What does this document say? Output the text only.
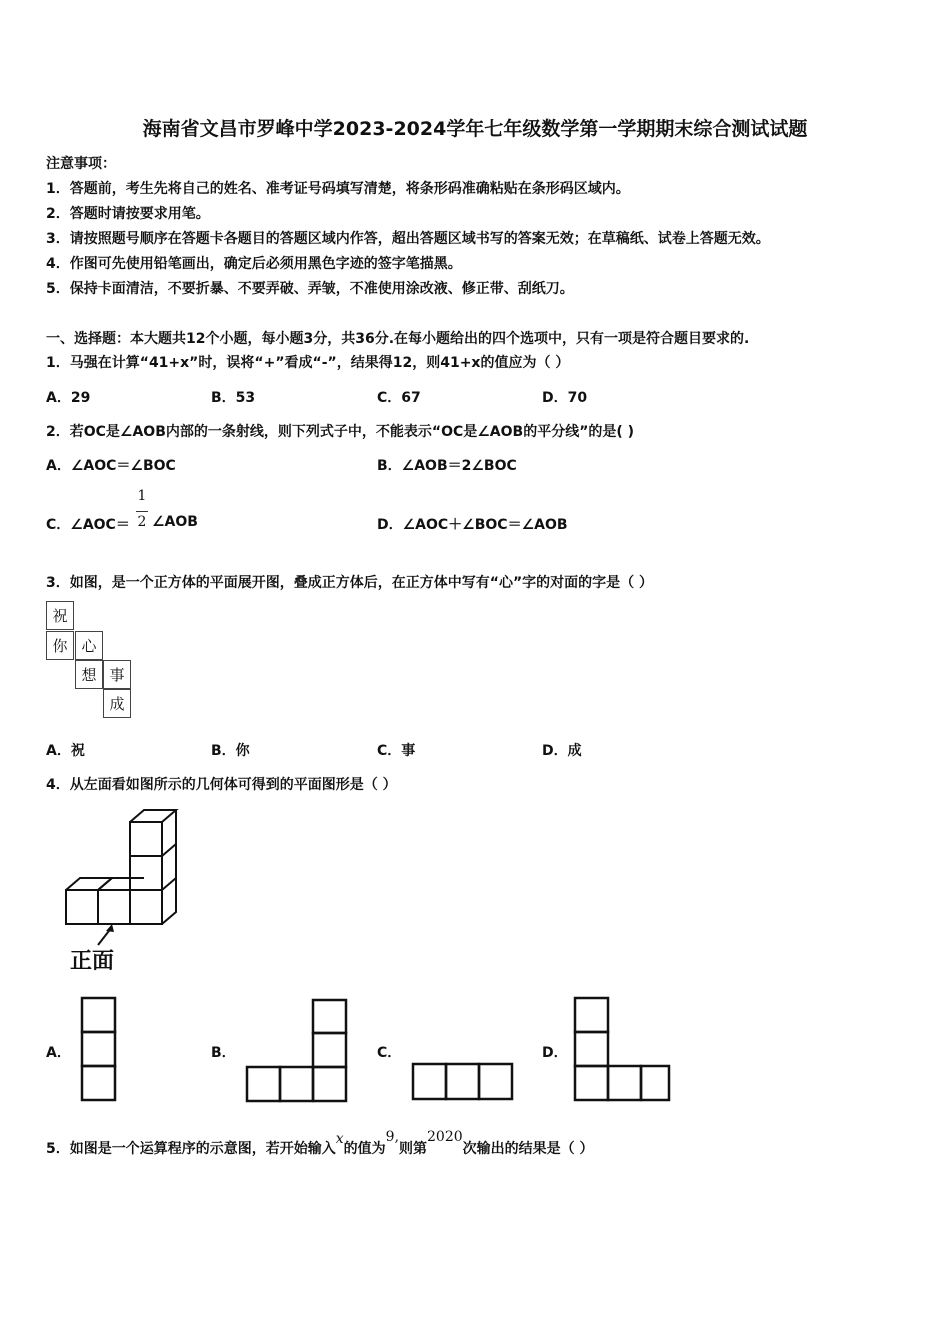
海南省文昌市罗峰中学2023-2024学年七年级数学第一学期期末综合测试试题
注意事项：
1．答题前，考生先将自己的姓名、准考证号码填写清楚，将条形码准确粘贴在条形码区域内。
2．答题时请按要求用笔。
3．请按照题号顺序在答题卡各题目的答题区域内作答，超出答题区域书写的答案无效；在草稿纸、试卷上答题无效。
4．作图可先使用铅笔画出，确定后必须用黑色字迹的签字笔描黑。
5．保持卡面清洁，不要折暴、不要弄破、弄皱，不准使用涂改液、修正带、刮纸刀。
一、选择题：本大题共12个小题，每小题3分，共36分.在每小题给出的四个选项中，只有一项是符合题目要求的.
1．马强在计算“41+x”时，误将“+”看成“-”，结果得12，则41+x的值应为（ ）
A．29	B．53	C．67	D．70
2．若OC是∠AOB内部的一条射线，则下列式子中，不能表示“OC是∠AOB的平分线”的是( )
A．∠AOC＝∠BOC	B．∠AOB＝2∠BOC
C．∠AOC＝
1
2 ∠AOB	D．∠AOC＋∠BOC＝∠AOB
3．如图，是一个正方体的平面展开图，叠成正方体后，在正方体中写有“心”字的对面的字是（ ）
祝
你 心
想 事
成
A．祝	B．你	C．事	D．成
4．从左面看如图所示的几何体可得到的平面图形是（ ）
正面
A．	B．	C．	D．
5．如图是一个运算程序的示意图，若开始输入x的值为9,则第2020次输出的结果是（ ）
